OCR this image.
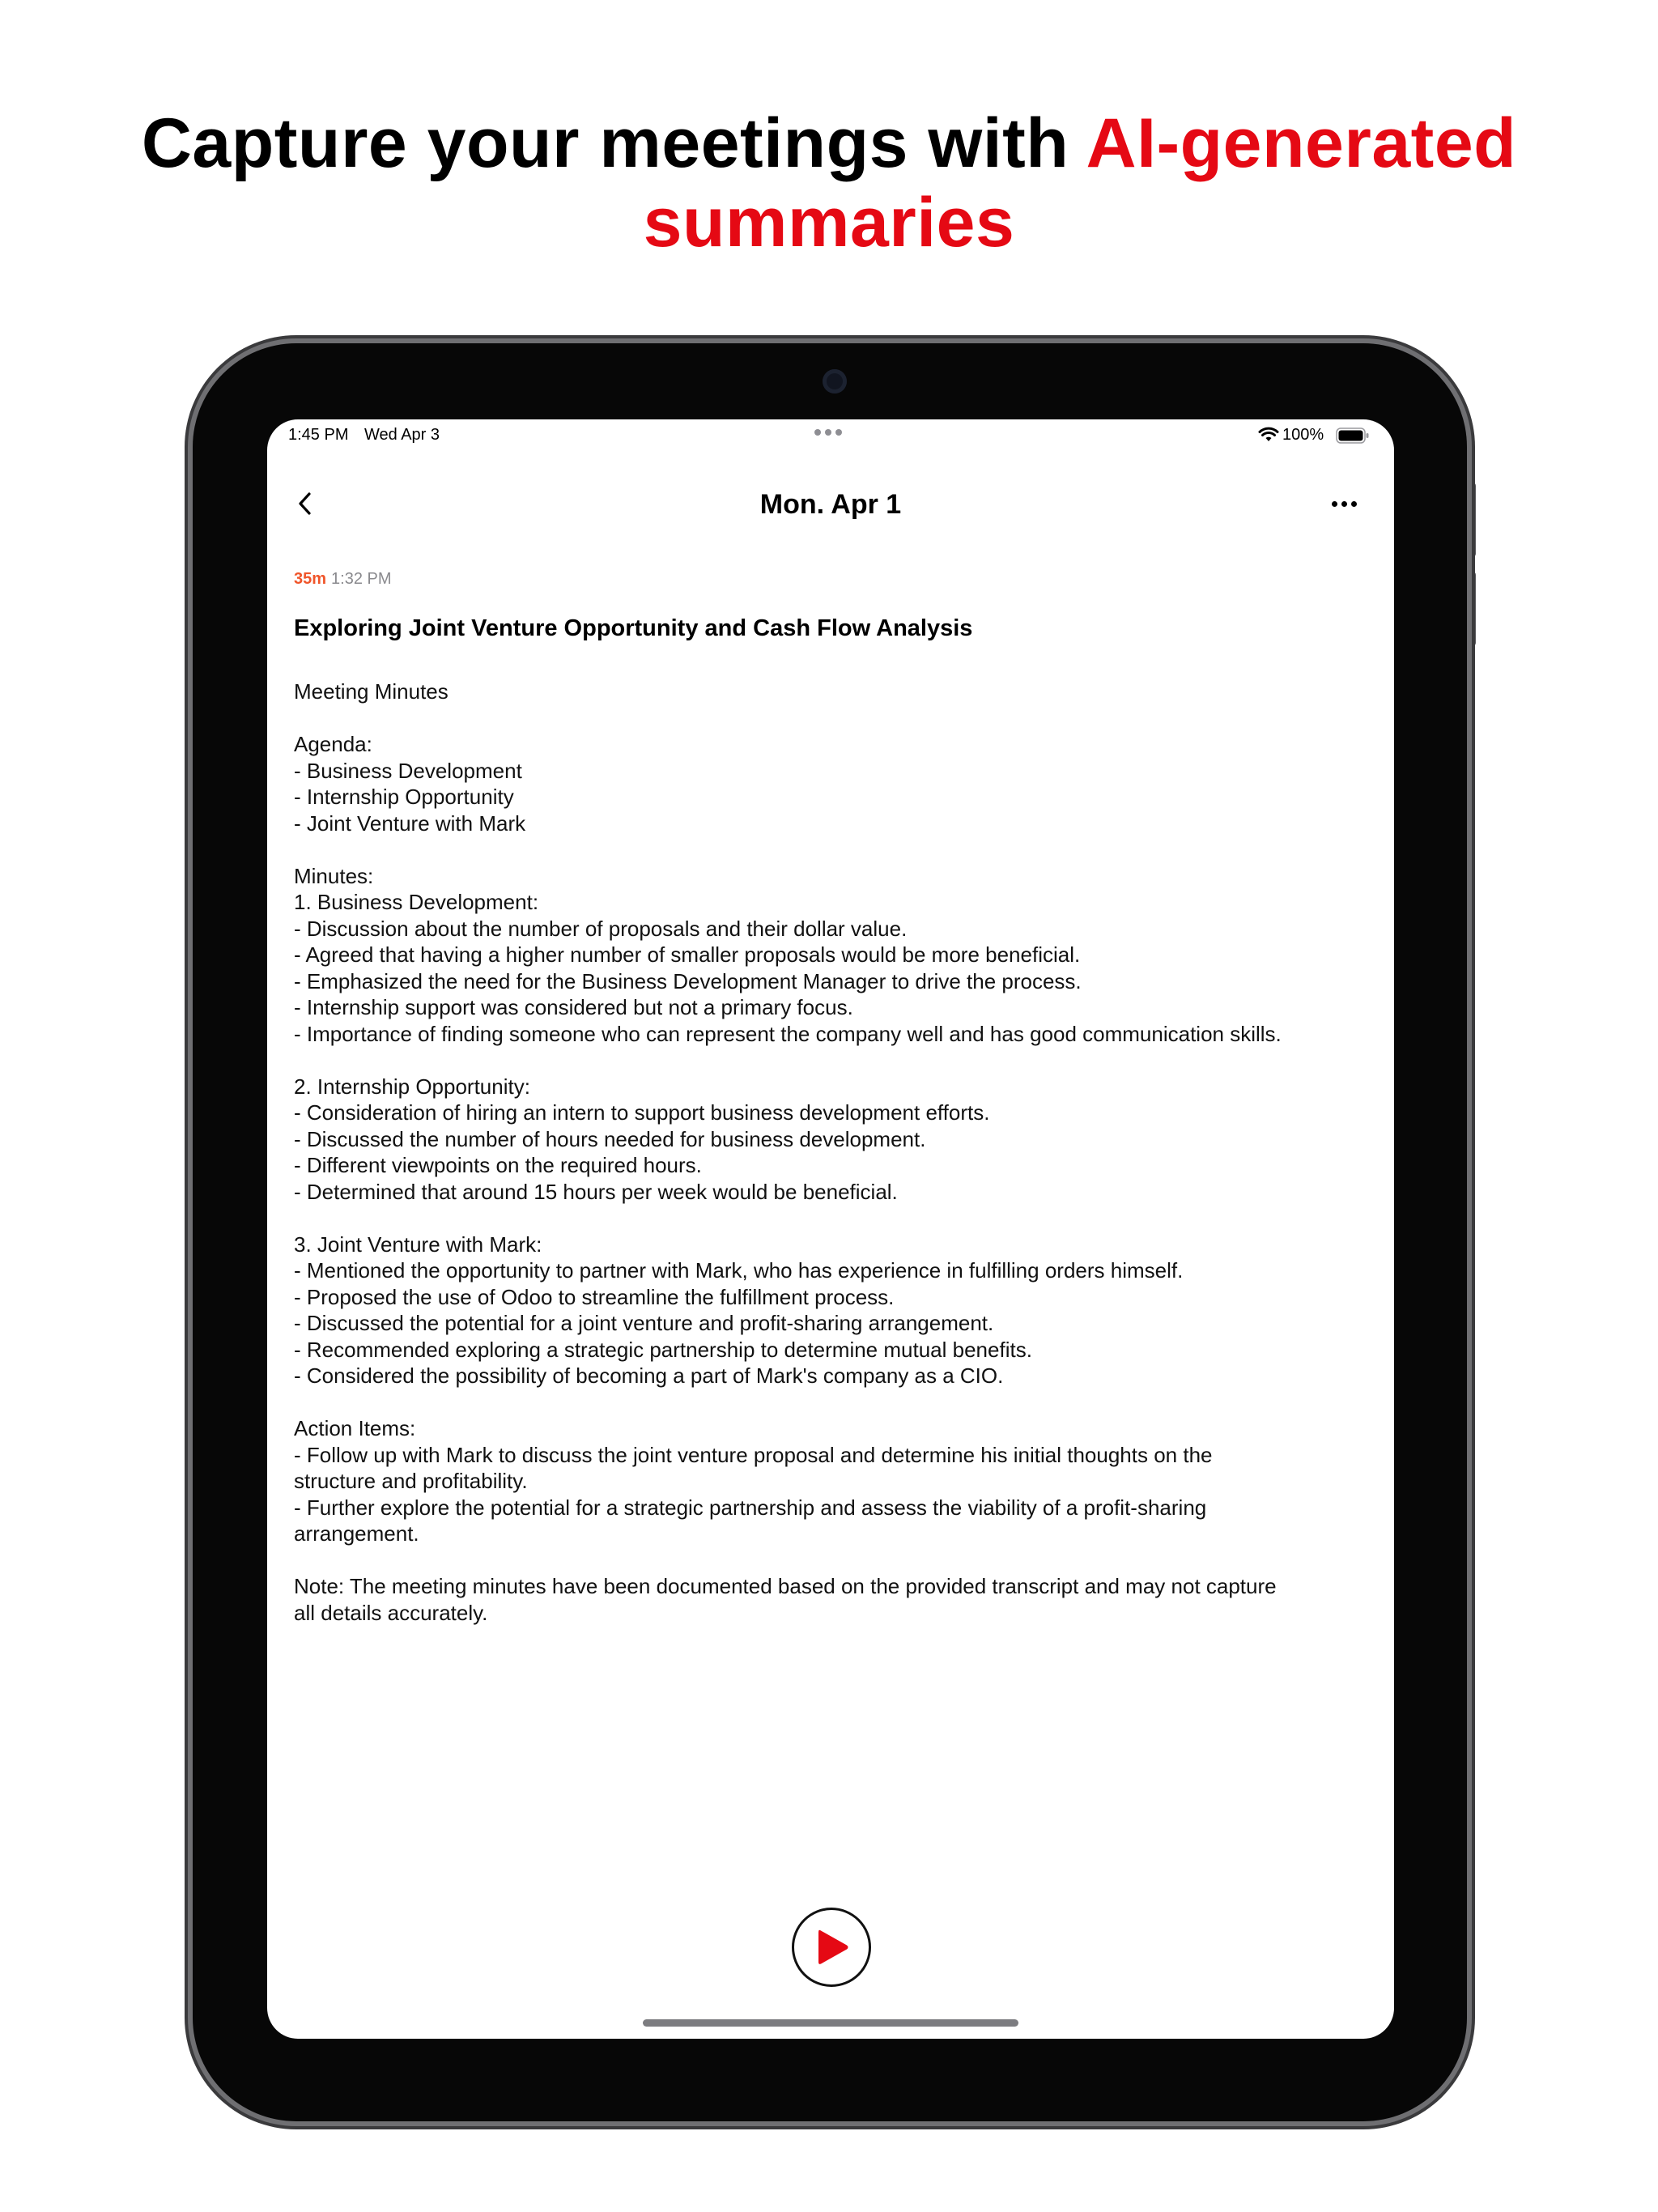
Capture your meetings with AI-generated
summaries
1:45 PM Wed Apr 3	100%
Mon. Apr 1
35m 1:32 PM
Exploring Joint Venture Opportunity and Cash Flow Analysis
Meeting Minutes
Agenda:
- Business Development
- Internship Opportunity
- Joint Venture with Mark
Minutes:
1. Business Development:
- Discussion about the number of proposals and their dollar value.
- Agreed that having a higher number of smaller proposals would be more beneficial.
- Emphasized the need for the Business Development Manager to drive the process.
- Internship support was considered but not a primary focus.
- Importance of finding someone who can represent the company well and has good communication skills.
2. Internship Opportunity:
- Consideration of hiring an intern to support business development efforts.
- Discussed the number of hours needed for business development.
- Different viewpoints on the required hours.
- Determined that around 15 hours per week would be beneficial.
3. Joint Venture with Mark:
- Mentioned the opportunity to partner with Mark, who has experience in fulfilling orders himself.
- Proposed the use of Odoo to streamline the fulfillment process.
- Discussed the potential for a joint venture and profit-sharing arrangement.
- Recommended exploring a strategic partnership to determine mutual benefits.
- Considered the possibility of becoming a part of Mark's company as a CIO.
Action Items:
- Follow up with Mark to discuss the joint venture proposal and determine his initial thoughts on the
structure and profitability.
- Further explore the potential for a strategic partnership and assess the viability of a profit-sharing
arrangement.
Note: The meeting minutes have been documented based on the provided transcript and may not capture
all details accurately.
